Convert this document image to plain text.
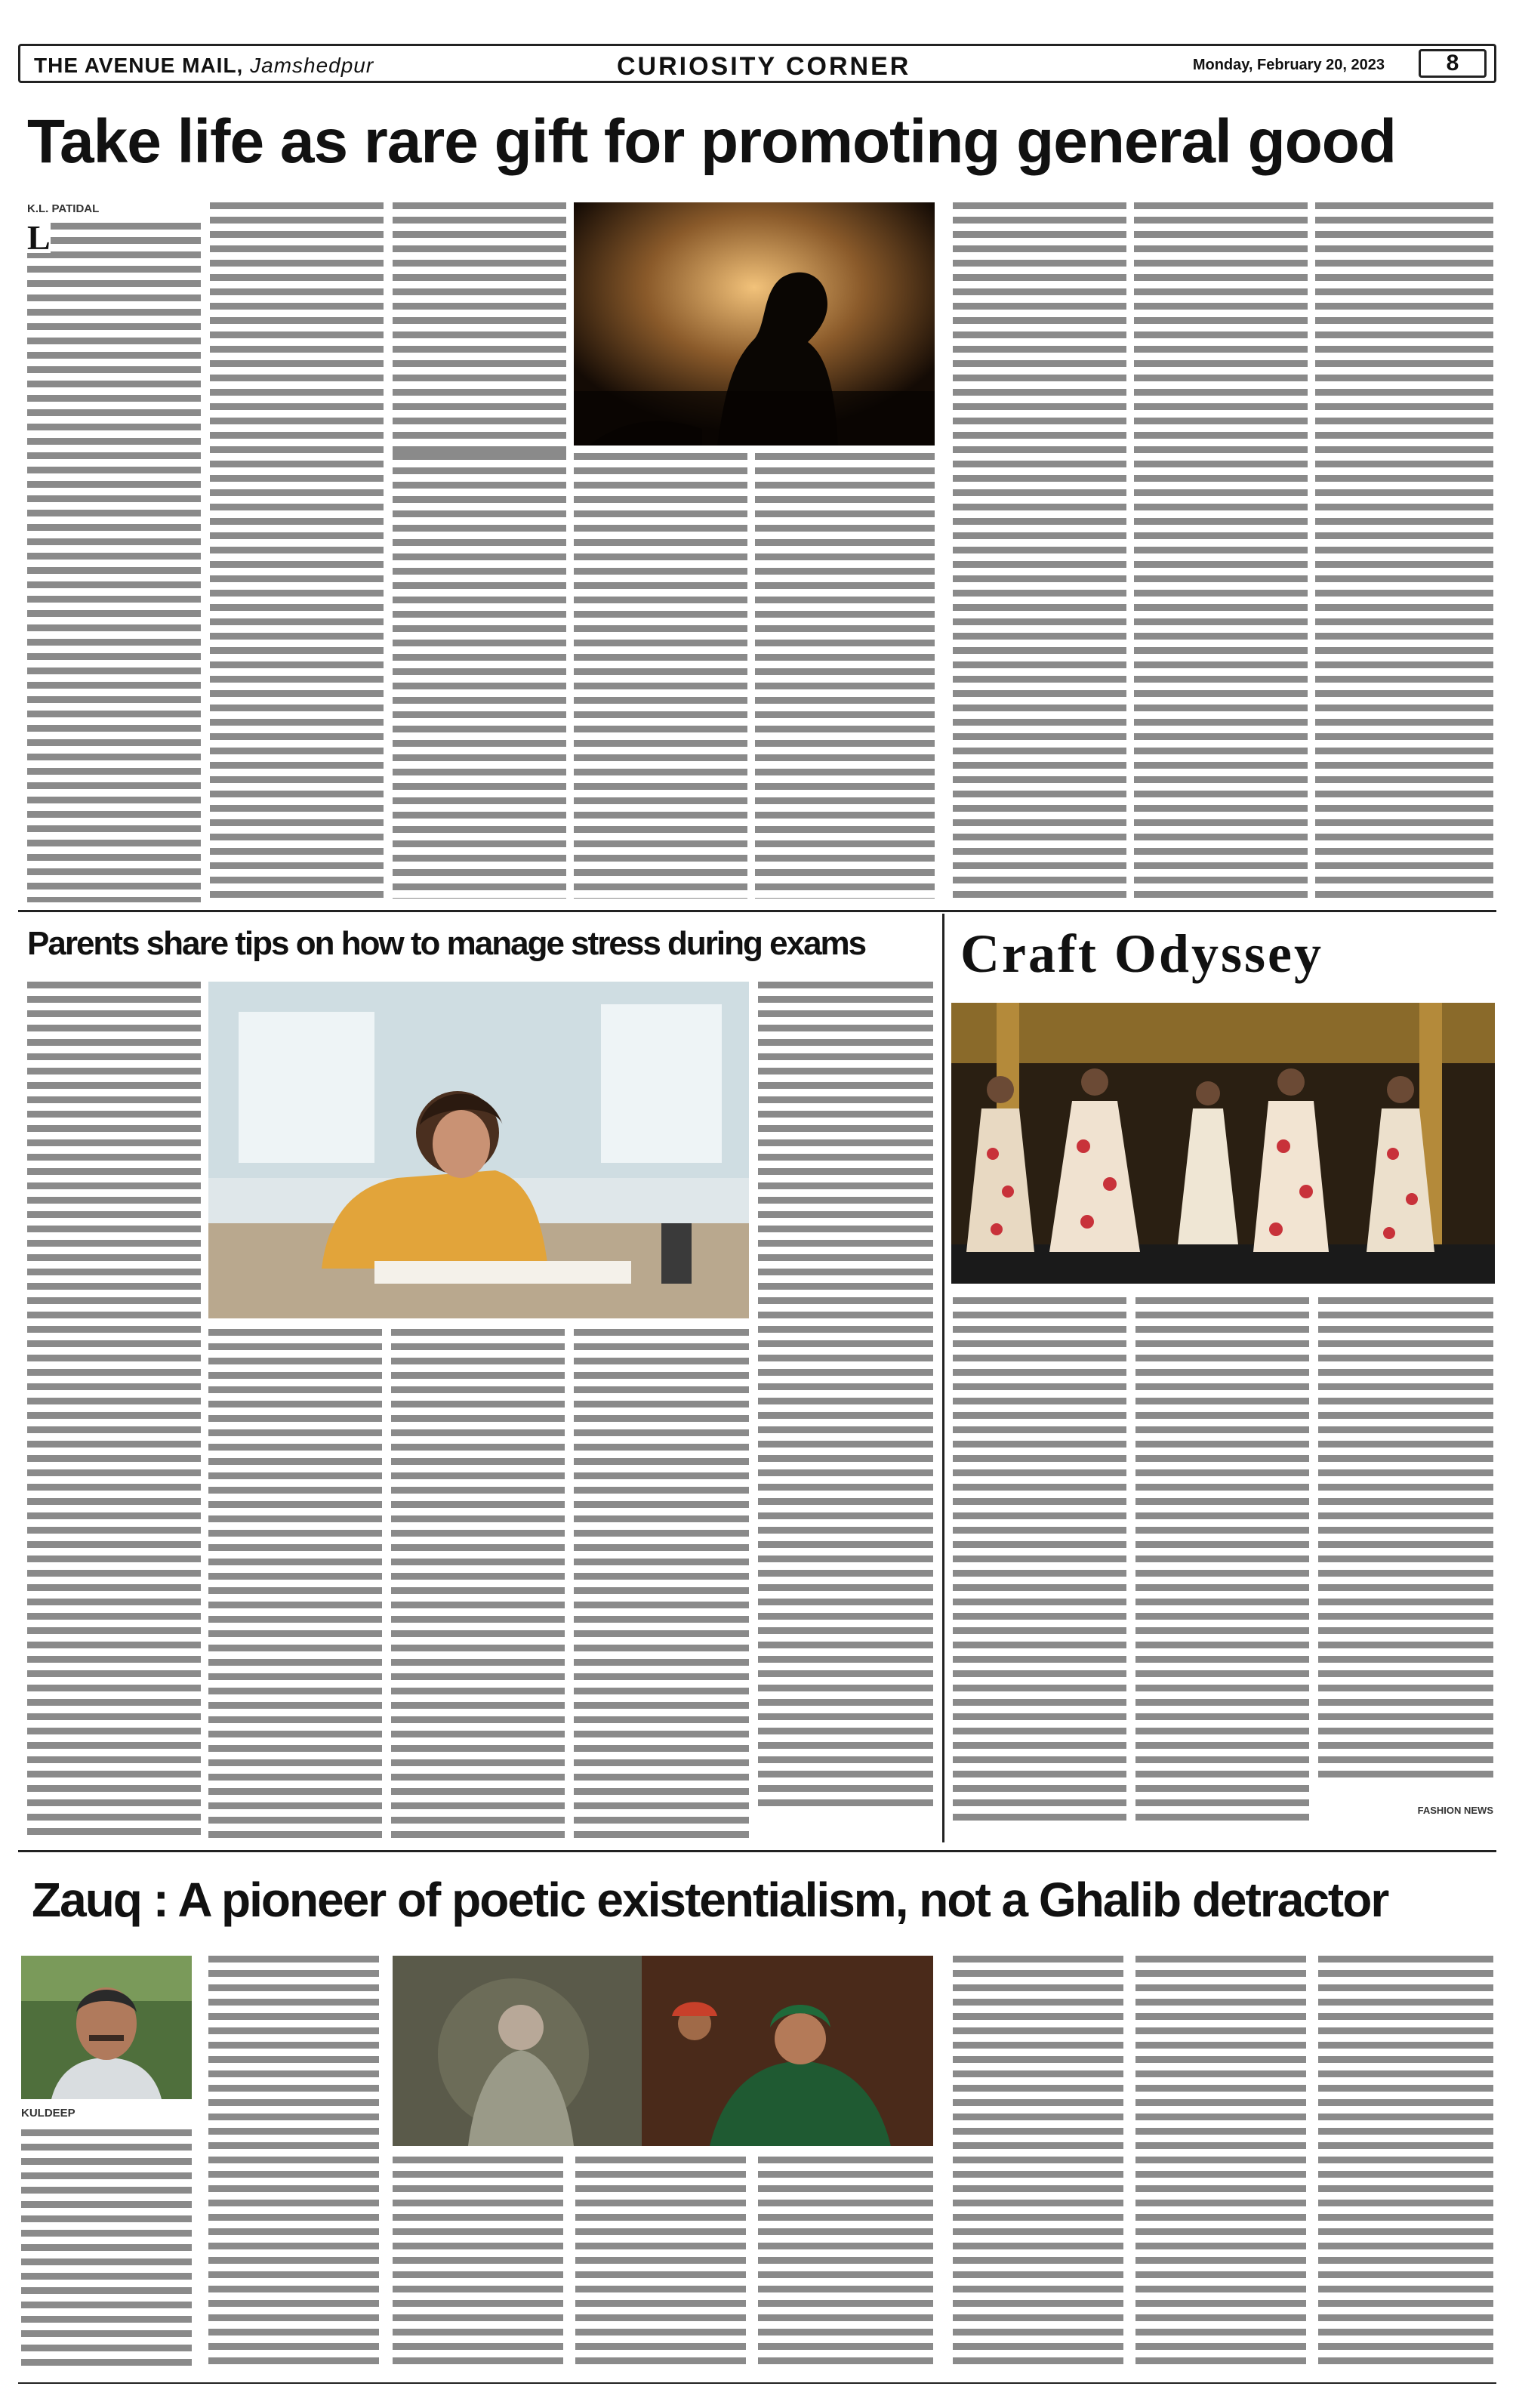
THE AVENUE MAIL, Jamshedpur	CURIOSITY CORNER	Monday, February 20, 2023	8
Take life as rare gift for promoting general good
K.L. PATIDAL
L
Parents share tips on how to manage stress during exams Craft Odyssey
FASHION NEWS
Zauq : A pioneer of poetic existentialism, not a Ghalib detractor
KULDEEP
